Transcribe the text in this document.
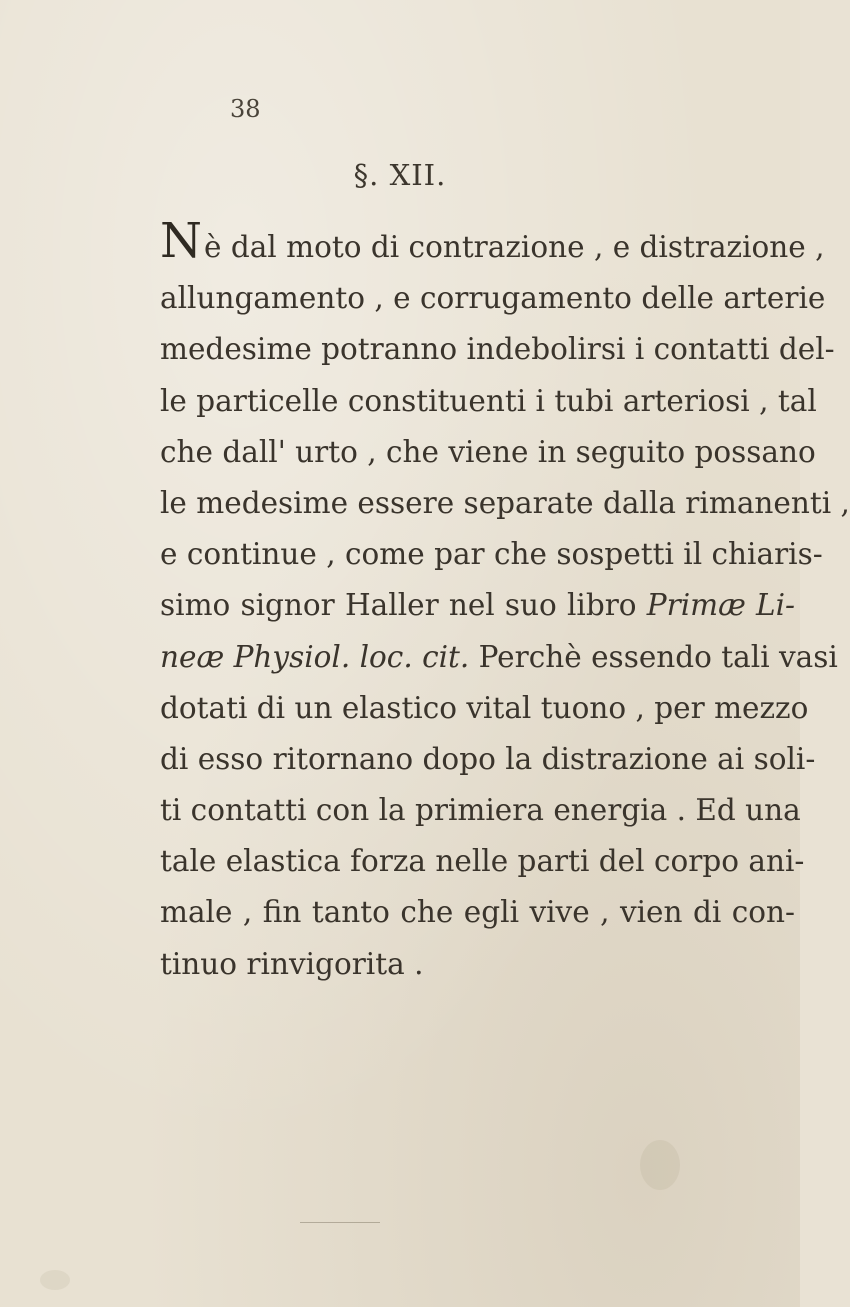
38
§. XII.
Nè dal moto di contrazione , e distrazione ,
allungamento , e corrugamento delle arterie
medesime potranno indebolirsi i contatti del-
le particelle constituenti i tubi arteriosi , tal
che dall' urto , che viene in seguito possano
le medesime essere separate dalla rimanenti ,
e continue , come par che sospetti il chiaris-
simo signor Haller nel suo libro Primæ Li-
neæ Physiol. loc. cit. Perchè essendo tali vasi
dotati di un elastico vital tuono , per mezzo
di esso ritornano dopo la distrazione ai soli-
ti contatti con la primiera energia . Ed una
tale elastica forza nelle parti del corpo ani-
male , fin tanto che egli vive , vien di con-
tinuo rinvigorita .
